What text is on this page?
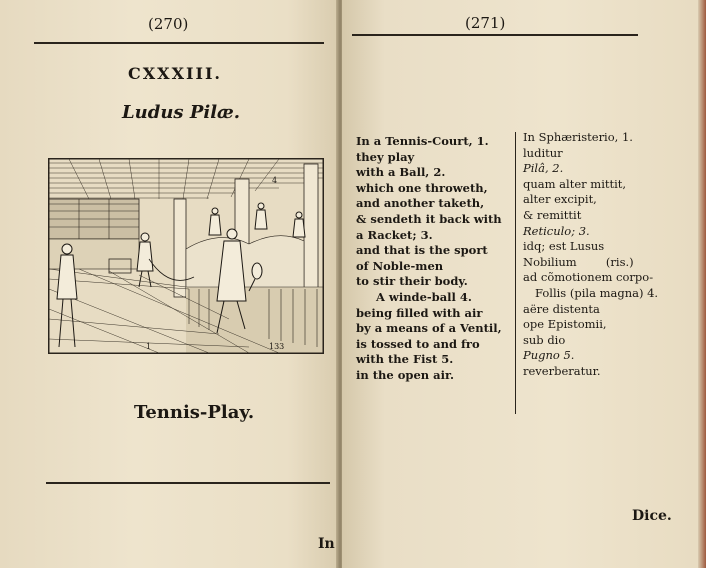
(270)
CXXXIII.
Ludus Pilæ.
1
4
133
Tennis-Play.
In
(271)
In a Tennis-Court, 1.
they play
with a Ball, 2.
which one throweth,
and another taketh,
& sendeth it back with
a Racket; 3.
and that is the sport
of Noble-men
to stir their body.
A winde-ball 4.
being filled with air
by a means of a Ventil,
is tossed to and fro
with the Fist 5.
in the open air.
In Sphæristerio, 1.
luditur
Pilâ, 2.
quam alter mittit,
alter excipit,
& remittit
Reticulo; 3.
idq; est Lusus
Nobilium        (ris.)
ad cõmotionem corpo-
Follis (pila magna) 4.
aëre distenta
ope Epistomii,
sub dio
Pugno 5.
reverberatur.
Dice.
